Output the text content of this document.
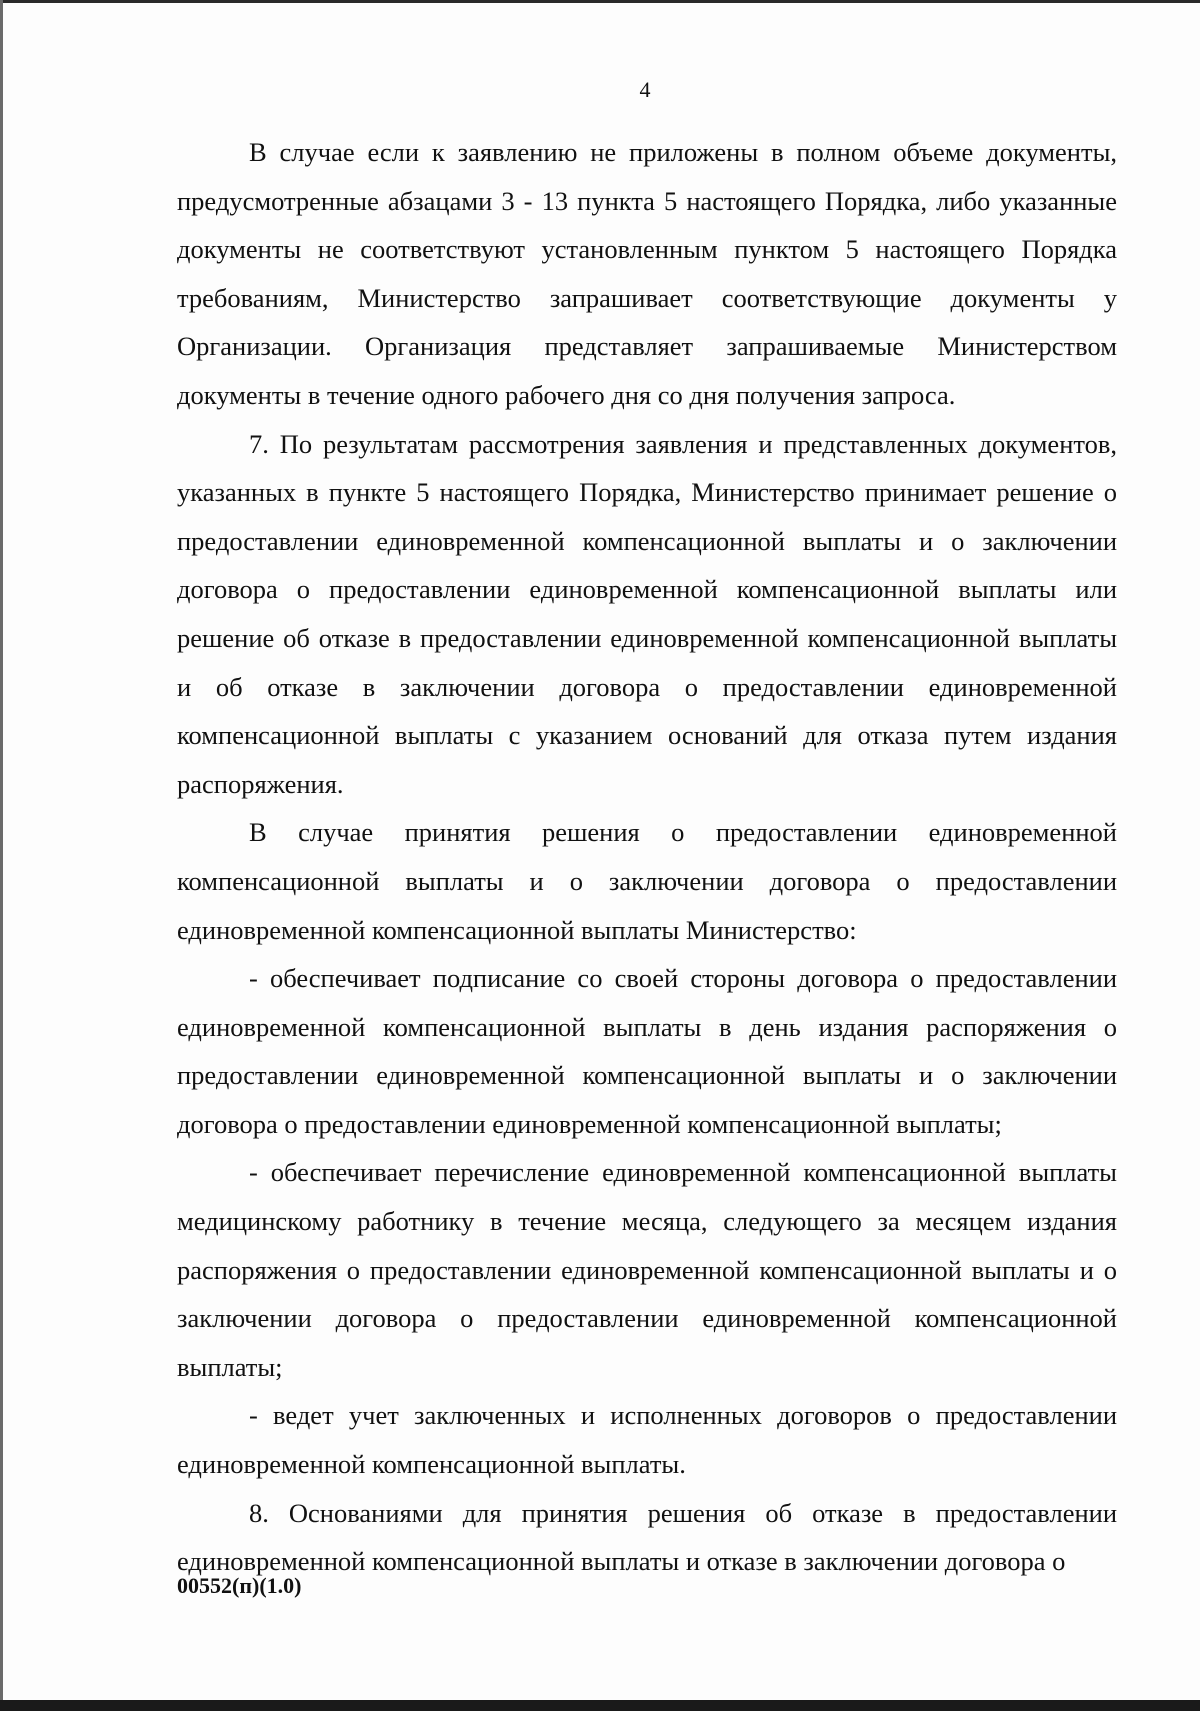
4

В случае если к заявлению не приложены в полном объеме документы, предусмотренные абзацами 3 - 13 пункта 5 настоящего Порядка, либо указанные документы не соответствуют установленным пунктом 5 настоящего Порядка требованиям, Министерство запрашивает соответствующие документы у Организации. Организация представляет запрашиваемые Министерством документы в течение одного рабочего дня со дня получения запроса.

7. По результатам рассмотрения заявления и представленных документов, указанных в пункте 5 настоящего Порядка, Министерство принимает решение о предоставлении единовременной компенсационной выплаты и о заключении договора о предоставлении единовременной компенсационной выплаты или решение об отказе в предоставлении единовременной компенсационной выплаты и об отказе в заключении договора о предоставлении единовременной компенсационной выплаты с указанием оснований для отказа путем издания распоряжения.

В случае принятия решения о предоставлении единовременной компенсационной выплаты и о заключении договора о предоставлении единовременной компенсационной выплаты Министерство:

- обеспечивает подписание со своей стороны договора о предоставлении единовременной компенсационной выплаты в день издания распоряжения о предоставлении единовременной компенсационной выплаты и о заключении договора о предоставлении единовременной компенсационной выплаты;

- обеспечивает перечисление единовременной компенсационной выплаты медицинскому работнику в течение месяца, следующего за месяцем издания распоряжения о предоставлении единовременной компенсационной выплаты и о заключении договора о предоставлении единовременной компенсационной выплаты;

- ведет учет заключенных и исполненных договоров о предоставлении единовременной компенсационной выплаты.

8. Основаниями для принятия решения об отказе в предоставлении единовременной компенсационной выплаты и отказе в заключении договора о

00552(п)(1.0)
